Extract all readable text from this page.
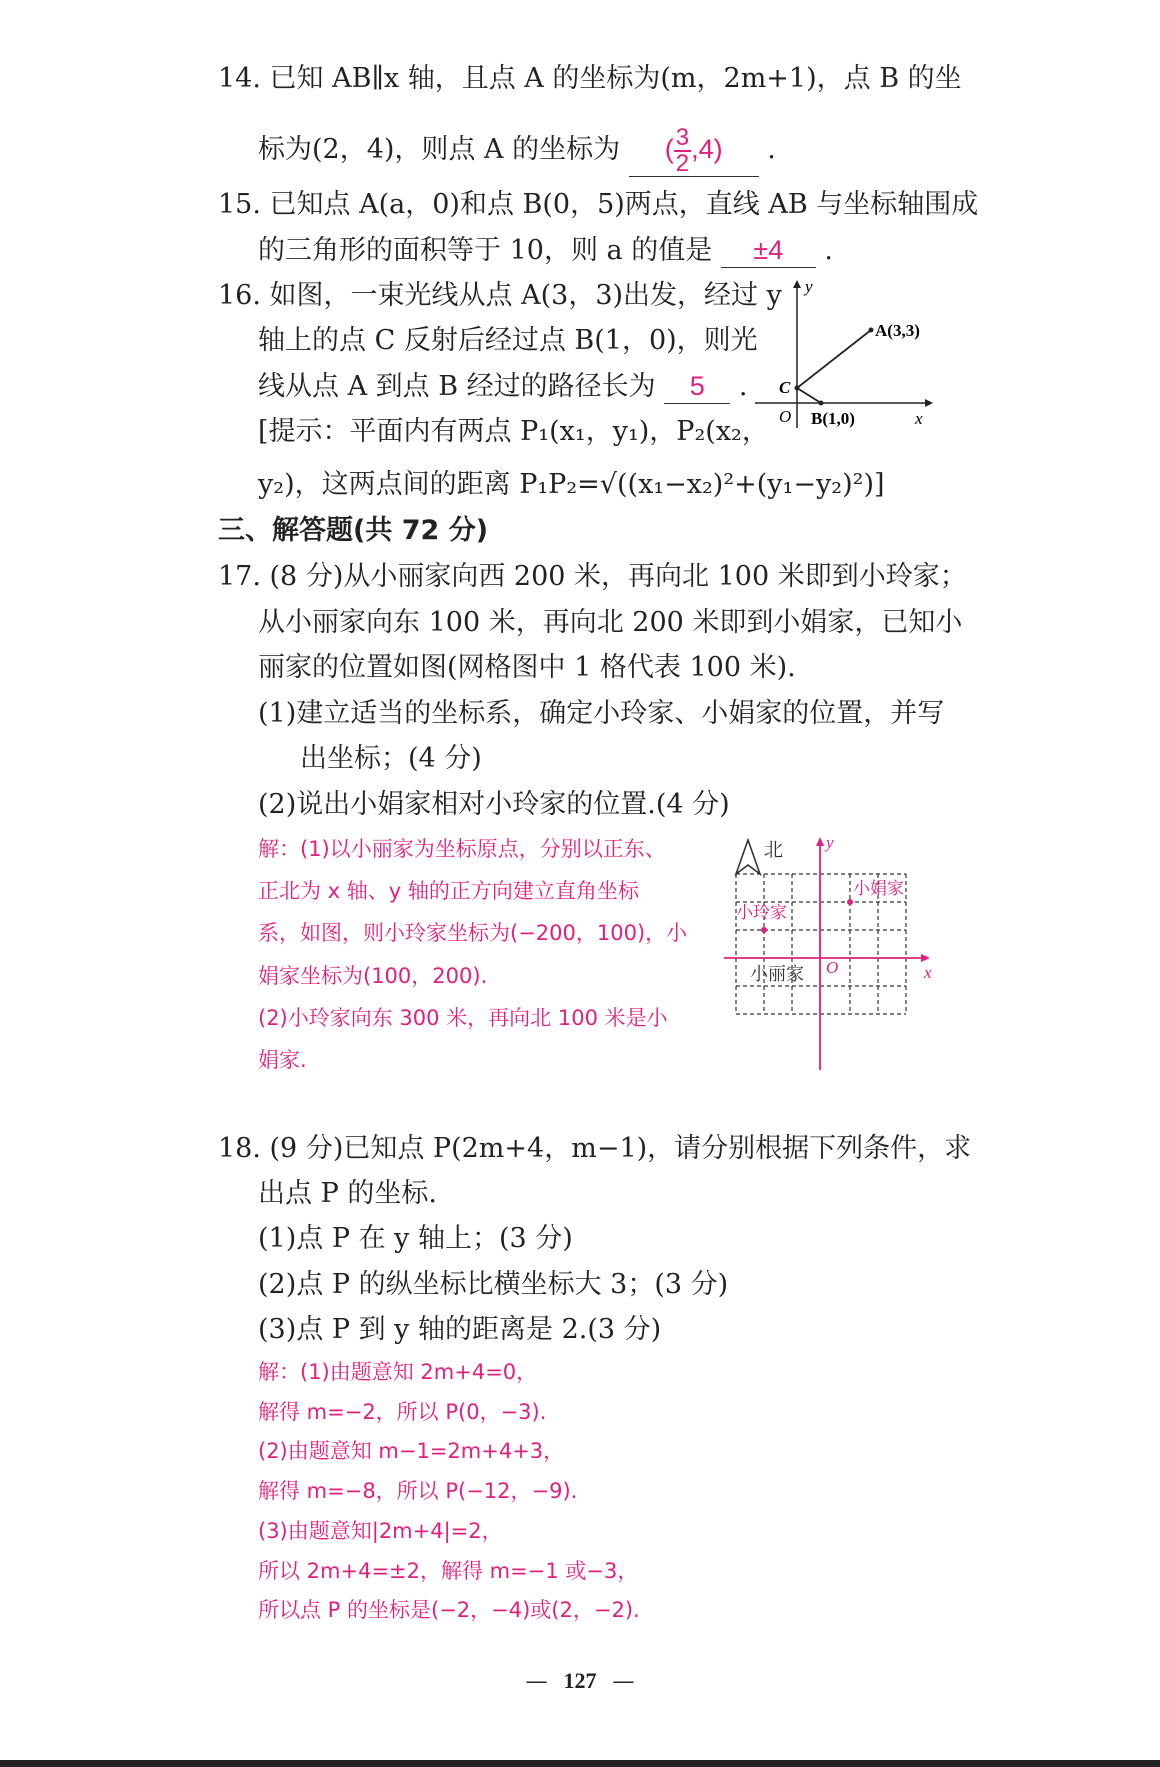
14. 已知 AB∥x 轴，且点 A 的坐标为(m，2m+1)，点 B 的坐
标为(2，4)，则点 A 的坐标为 ( $\frac{3}{2} ,4$) .
15. 已知点 A(a，0)和点 B(0，5)两点，直线 AB 与坐标轴围成
的三角形的面积等于 10，则 a 的值是 ±4 .
16. 如图，一束光线从点 A(3，3)出发，经过 y
轴上的点 C 反射后经过点 B(1，0)，则光
线从点 A 到点 B 经过的路径长为 5 .
[提示：平面内有两点 P₁(x₁，y₁)，P₂(x₂，
y₂)，这两点间的距离 P₁P₂=√((x₁−x₂)²+(y₁−y₂)²)]
y
x
O
A(3,3)
B(1,0)
C
三、解答题(共 72 分)
17. (8 分)从小丽家向西 200 米，再向北 100 米即到小玲家；
从小丽家向东 100 米，再向北 200 米即到小娟家，已知小
丽家的位置如图(网格图中 1 格代表 100 米).
(1)建立适当的坐标系，确定小玲家、小娟家的位置，并写
出坐标；(4 分)
(2)说出小娟家相对小玲家的位置.(4 分)
解：(1)以小丽家为坐标原点，分别以正东、
正北为 x 轴、y 轴的正方向建立直角坐标
系，如图，则小玲家坐标为(−200，100)，小
娟家坐标为(100，200).
(2)小玲家向东 300 米，再向北 100 米是小
娟家.
北	y
x
O
小娟家
小玲家
小丽家
18. (9 分)已知点 P(2m+4，m−1)，请分别根据下列条件，求
出点 P 的坐标.
(1)点 P 在 y 轴上；(3 分)
(2)点 P 的纵坐标比横坐标大 3；(3 分)
(3)点 P 到 y 轴的距离是 2.(3 分)
解：(1)由题意知 2m+4=0，
解得 m=−2，所以 P(0，−3).
(2)由题意知 m−1=2m+4+3，
解得 m=−8，所以 P(−12，−9).
(3)由题意知|2m+4|=2，
所以 2m+4=±2，解得 m=−1 或−3，
所以点 P 的坐标是(−2，−4)或(2，−2).
— 127 —
